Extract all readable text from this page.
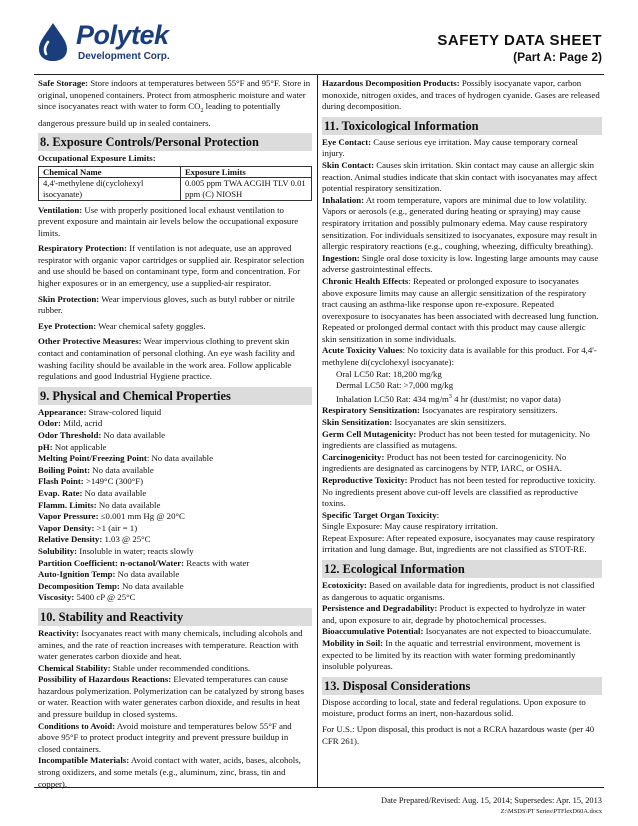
Polytek
Development Corp.
SAFETY DATA SHEET
(Part A: Page 2)
Safe Storage: Store indoors at temperatures between 55°F and 95°F. Store in original, unopened containers. Protect from atmospheric moisture and water since isocyanates react with water to form $CO_2$ leading to potentially dangerous pressure build up in sealed containers.
8. Exposure Controls/Personal Protection
Occupational Exposure Limits:
Chemical Name	Exposure Limits
4,4'-methylene di(cyclohexyl isocyanate)	0.005 ppm TWA ACGIH TLV 0.01 ppm (C) NIOSH
Ventilation: Use with properly positioned local exhaust ventilation to prevent exposure and maintain air levels below the occupational exposure limits.
Respiratory Protection: If ventilation is not adequate, use an approved respirator with organic vapor cartridges or supplied air. Respirator selection and use should be based on contaminant type, form and concentration. For higher exposures or in an emergency, use a supplied-air respirator.
Skin Protection: Wear impervious gloves, such as butyl rubber or nitrile rubber.
Eye Protection: Wear chemical safety goggles.
Other Protective Measures: Wear impervious clothing to prevent skin contact and contamination of personal clothing. An eye wash facility and washing facility should be available in the work area. Follow applicable regulations and good Industrial Hygiene practice.
9. Physical and Chemical Properties
Appearance: Straw-colored liquid
Odor: Mild, acrid
Odor Threshold: No data available
pH: Not applicable
Melting Point/Freezing Point: No data available
Boiling Point: No data available
Flash Point: >149°C (300°F)
Evap. Rate: No data available
Flamm. Limits: No data available
Vapor Pressure: ≤0.001 mm Hg @ 20°C
Vapor Density: >1 (air = 1)
Relative Density: 1.03 @ 25°C
Solubility: Insoluble in water; reacts slowly
Partition Coefficient: n-octanol/Water: Reacts with water
Auto-Ignition Temp: No data available
Decomposition Temp: No data available
Viscosity: 5400 cP @ 25°C
10. Stability and Reactivity
Reactivity: Isocyanates react with many chemicals, including alcohols and amines, and the rate of reaction increases with temperature. Reaction with water generates carbon dioxide and heat.
Chemical Stability: Stable under recommended conditions.
Possibility of Hazardous Reactions: Elevated temperatures can cause hazardous polymerization. Polymerization can be catalyzed by strong bases or water. Reaction with water generates carbon dioxide, and results in heat and pressure buildup in closed systems.
Conditions to Avoid: Avoid moisture and temperatures below 55°F and above 95°F to protect product integrity and prevent pressure buildup in closed containers.
Incompatible Materials: Avoid contact with water, acids, bases, alcohols, strong oxidizers, and some metals (e.g., aluminum, zinc, brass, tin and copper).
Hazardous Decomposition Products: Possibly isocyanate vapor, carbon monoxide, nitrogen oxides, and traces of hydrogen cyanide. Gases are released during decomposition.
11. Toxicological Information
Eye Contact: Cause serious eye irritation. May cause temporary corneal injury.
Skin Contact: Causes skin irritation. Skin contact may cause an allergic skin reaction. Animal studies indicate that skin contact with isocyanates may affect potential respiratory sensitization.
Inhalation: At room temperature, vapors are minimal due to low volatility. Vapors or aerosols (e.g., generated during heating or spraying) may cause respiratory irritation and possibly pulmonary edema. May cause respiratory sensitization. For individuals sensitized to isocyanates, exposure may result in allergic respiratory reactions (e.g., coughing, wheezing, difficulty breathing).
Ingestion: Single oral dose toxicity is low. Ingesting large amounts may cause adverse gastrointestinal effects.
Chronic Health Effects: Repeated or prolonged exposure to isocyanates above exposure limits may cause an allergic sensitization of the respiratory tract causing an asthma-like response upon re-exposure. Repeated overexposure to isocyanates has been associated with decreased lung function. Repeated or prolonged dermal contact with this product may cause allergic skin sensitization in some individuals.
Acute Toxicity Values: No toxicity data is available for this product. For 4,4'-methylene di(cyclohexyl isocyanate):
Oral LC50 Rat: 18,200 mg/kg
Dermal LC50 Rat: >7,000 mg/kg
Inhalation LC50 Rat: 434 $mg/m^3$ 4 hr (dust/mist; no vapor data)
Respiratory Sensitization: Isocyanates are respiratory sensitizers.
Skin Sensitization: Isocyanates are skin sensitizers.
Germ Cell Mutagenicity: Product has not been tested for mutagenicity. No ingredients are classified as mutagens.
Carcinogenicity: Product has not been tested for carcinogenicity. No ingredients are designated as carcinogens by NTP, IARC, or OSHA.
Reproductive Toxicity: Product has not been tested for reproductive toxicity. No ingredients present above cut-off levels are classified as reproductive toxins.
Specific Target Organ Toxicity:
Single Exposure: May cause respiratory irritation.
Repeat Exposure: After repeated exposure, isocyanates may cause respiratory irritation and lung damage. But, ingredients are not classified as STOT-RE.
12. Ecological Information
Ecotoxicity: Based on available data for ingredients, product is not classified as dangerous to aquatic organisms.
Persistence and Degradability: Product is expected to hydrolyze in water and, upon exposure to air, degrade by photochemical processes.
Bioaccumulative Potential: Isocyanates are not expected to bioaccumulate.
Mobility in Soil: In the aquatic and terrestrial environment, movement is expected to be limited by its reaction with water forming predominantly insoluble polyureas.
13. Disposal Considerations
Dispose according to local, state and federal regulations. Upon exposure to moisture, product forms an inert, non-hazardous solid.
For U.S.: Upon disposal, this product is not a RCRA hazardous waste (per 40 CFR 261).
Date Prepared/Revised: Aug. 15, 2014; Supersedes: Apr. 15, 2013
Z:\MSDS\PT Series\PTFlexD60A.docx
